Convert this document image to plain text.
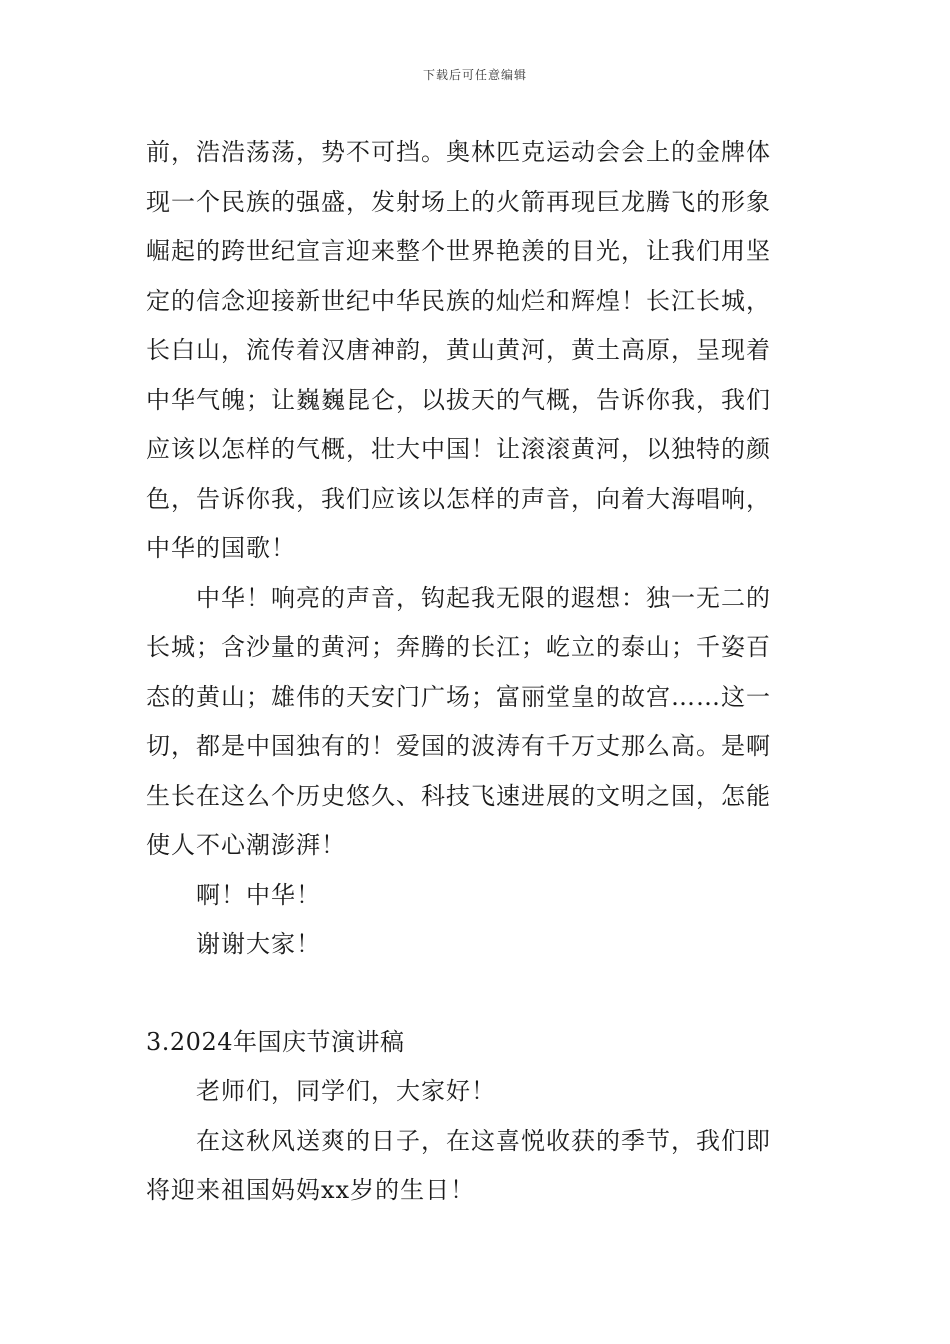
下载后可任意编辑
前，浩浩荡荡，势不可挡。奥林匹克运动会会上的金牌体
现一个民族的强盛，发射场上的火箭再现巨龙腾飞的形象
崛起的跨世纪宣言迎来整个世界艳羡的目光，让我们用坚
定的信念迎接新世纪中华民族的灿烂和辉煌！长江长城，
长白山，流传着汉唐神韵，黄山黄河，黄土高原，呈现着
中华气魄；让巍巍昆仑，以拔天的气概，告诉你我，我们
应该以怎样的气概，壮大中国！让滚滚黄河，以独特的颜
色，告诉你我，我们应该以怎样的声音，向着大海唱响，
中华的国歌！
中华！响亮的声音，钩起我无限的遐想：独一无二的
长城；含沙量的黄河；奔腾的长江；屹立的泰山；千姿百
态的黄山；雄伟的天安门广场；富丽堂皇的故宫……这一
切，都是中国独有的！爱国的波涛有千万丈那么高。是啊
生长在这么个历史悠久、科技飞速进展的文明之国，怎能
使人不心潮澎湃！
啊！中华！
谢谢大家！
3.2024年国庆节演讲稿
老师们，同学们，大家好！
在这秋风送爽的日子，在这喜悦收获的季节，我们即
将迎来祖国妈妈xx岁的生日！
